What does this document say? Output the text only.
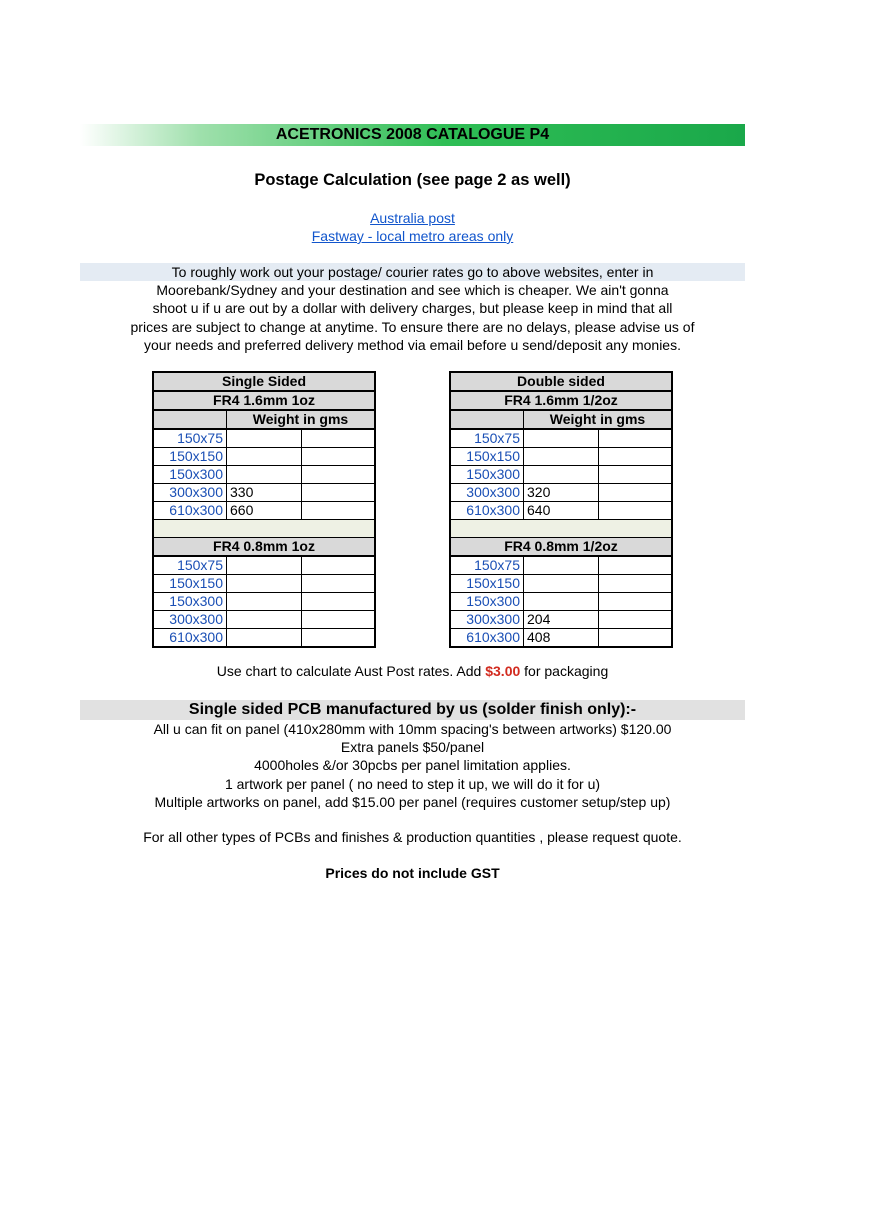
ACETRONICS 2008 CATALOGUE P4
Postage Calculation (see page 2 as well)
Australia post
Fastway - local metro areas only
To roughly work out your postage/ courier rates go to above websites, enter in
Moorebank/Sydney and your destination and see which is cheaper. We ain't gonna
shoot u if u are out by a dollar with delivery charges, but please keep in mind that all
prices are subject to change at anytime. To ensure there are no delays, please advise us of
your needs and preferred delivery method via email before u send/deposit any monies.
Single Sided		
FR4 1.6mm 1oz		
	Weight in gms	
150x75		
150x150		
150x300		
300x300	330	
610x300	660	

FR4 0.8mm 1oz		
150x75		
150x150		
150x300		
300x300		
610x300		
Double sided		
FR4 1.6mm 1/2oz		
	Weight in gms	
150x75		
150x150		
150x300		
300x300	320	
610x300	640	

FR4 0.8mm 1/2oz		
150x75		
150x150		
150x300		
300x300	204	
610x300	408	
Use chart to calculate Aust Post rates. Add $3.00 for packaging
Single sided PCB manufactured by us (solder finish only):-
All u can fit on panel (410x280mm with 10mm spacing's between artworks) $120.00
Extra panels $50/panel
4000holes &/or 30pcbs per panel limitation applies.
1 artwork per panel ( no need to step it up, we will do it for u)
Multiple artworks on panel, add $15.00 per panel (requires customer setup/step up)
For all other types of PCBs and finishes & production quantities , please request quote.
Prices do not include GST
